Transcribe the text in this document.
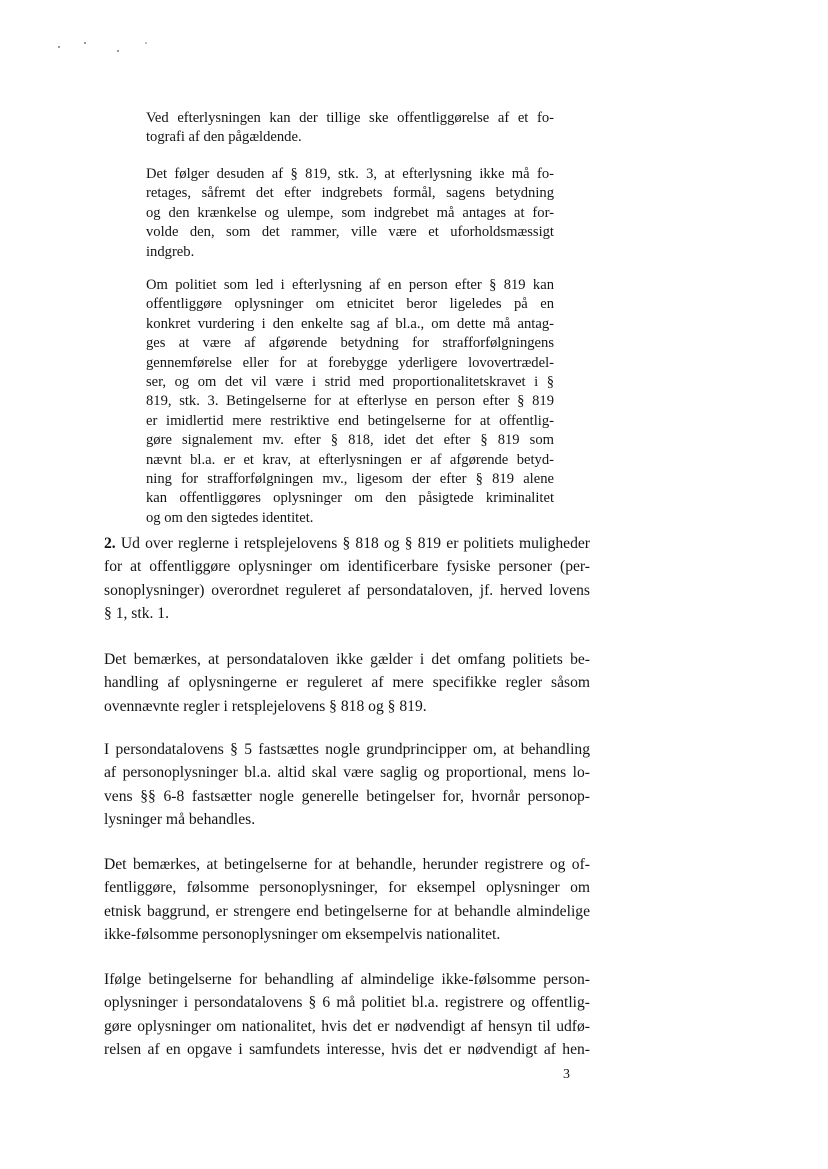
Ved efterlysningen kan der tillige ske offentliggørelse af et fo-
tografi af den pågældende.
Det følger desuden af § 819, stk. 3, at efterlysning ikke må fo-
retages, såfremt det efter indgrebets formål, sagens betydning
og den krænkelse og ulempe, som indgrebet må antages at for-
volde den, som det rammer, ville være et uforholdsmæssigt
indgreb.
Om politiet som led i efterlysning af en person efter § 819 kan
offentliggøre oplysninger om etnicitet beror ligeledes på en
konkret vurdering i den enkelte sag af bl.a., om dette må antag-
ges at være af afgørende betydning for strafforfølgningens
gennemførelse eller for at forebygge yderligere lovovertrædel-
ser, og om det vil være i strid med proportionalitetskravet i §
819, stk. 3. Betingelserne for at efterlyse en person efter § 819
er imidlertid mere restriktive end betingelserne for at offentlig-
gøre signalement mv. efter § 818, idet det efter § 819 som
nævnt bl.a. er et krav, at efterlysningen er af afgørende betyd-
ning for strafforfølgningen mv., ligesom der efter § 819 alene
kan offentliggøres oplysninger om den påsigtede kriminalitet
og om den sigtedes identitet.
2. Ud over reglerne i retsplejelovens § 818 og § 819 er politiets muligheder
for at offentliggøre oplysninger om identificerbare fysiske personer (per-
sonoplysninger) overordnet reguleret af persondataloven, jf. herved lovens
§ 1, stk. 1.
Det bemærkes, at persondataloven ikke gælder i det omfang politiets be-
handling af oplysningerne er reguleret af mere specifikke regler såsom
ovennævnte regler i retsplejelovens § 818 og § 819.
I persondatalovens § 5 fastsættes nogle grundprincipper om, at behandling
af personoplysninger bl.a. altid skal være saglig og proportional, mens lo-
vens §§ 6-8 fastsætter nogle generelle betingelser for, hvornår personop-
lysninger må behandles.
Det bemærkes, at betingelserne for at behandle, herunder registrere og of-
fentliggøre, følsomme personoplysninger, for eksempel oplysninger om
etnisk baggrund, er strengere end betingelserne for at behandle almindelige
ikke-følsomme personoplysninger om eksempelvis nationalitet.
Ifølge betingelserne for behandling af almindelige ikke-følsomme person-
oplysninger i persondatalovens § 6 må politiet bl.a. registrere og offentlig-
gøre oplysninger om nationalitet, hvis det er nødvendigt af hensyn til udfø-
relsen af en opgave i samfundets interesse, hvis det er nødvendigt af hen-
3
